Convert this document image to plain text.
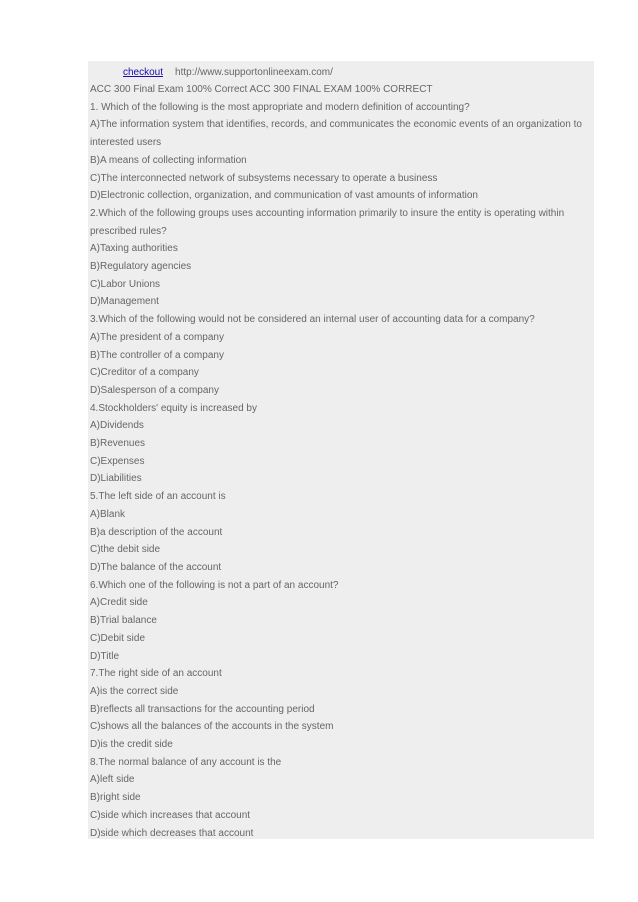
checkout http://www.supportonlineexam.com/
ACC 300 Final Exam 100% Correct ACC 300 FINAL EXAM 100% CORRECT
1. Which of the following is the most appropriate and modern definition of accounting?
A)The information system that identifies, records, and communicates the economic events of an organization to
interested users
B)A means of collecting information
C)The interconnected network of subsystems necessary to operate a business
D)Electronic collection, organization, and communication of vast amounts of information
2.Which of the following groups uses accounting information primarily to insure the entity is operating within
prescribed rules?
A)Taxing authorities
B)Regulatory agencies
C)Labor Unions
D)Management
3.Which of the following would not be considered an internal user of accounting data for a company?
A)The president of a company
B)The controller of a company
C)Creditor of a company
D)Salesperson of a company
4.Stockholders' equity is increased by
A)Dividends
B)Revenues
C)Expenses
D)Liabilities
5.The left side of an account is
A)Blank
B)a description of the account
C)the debit side
D)The balance of the account
6.Which one of the following is not a part of an account?
A)Credit side
B)Trial balance
C)Debit side
D)Title
7.The right side of an account
A)is the correct side
B)reflects all transactions for the accounting period
C)shows all the balances of the accounts in the system
D)is the credit side
8.The normal balance of any account is the
A)left side
B)right side
C)side which increases that account
D)side which decreases that account
